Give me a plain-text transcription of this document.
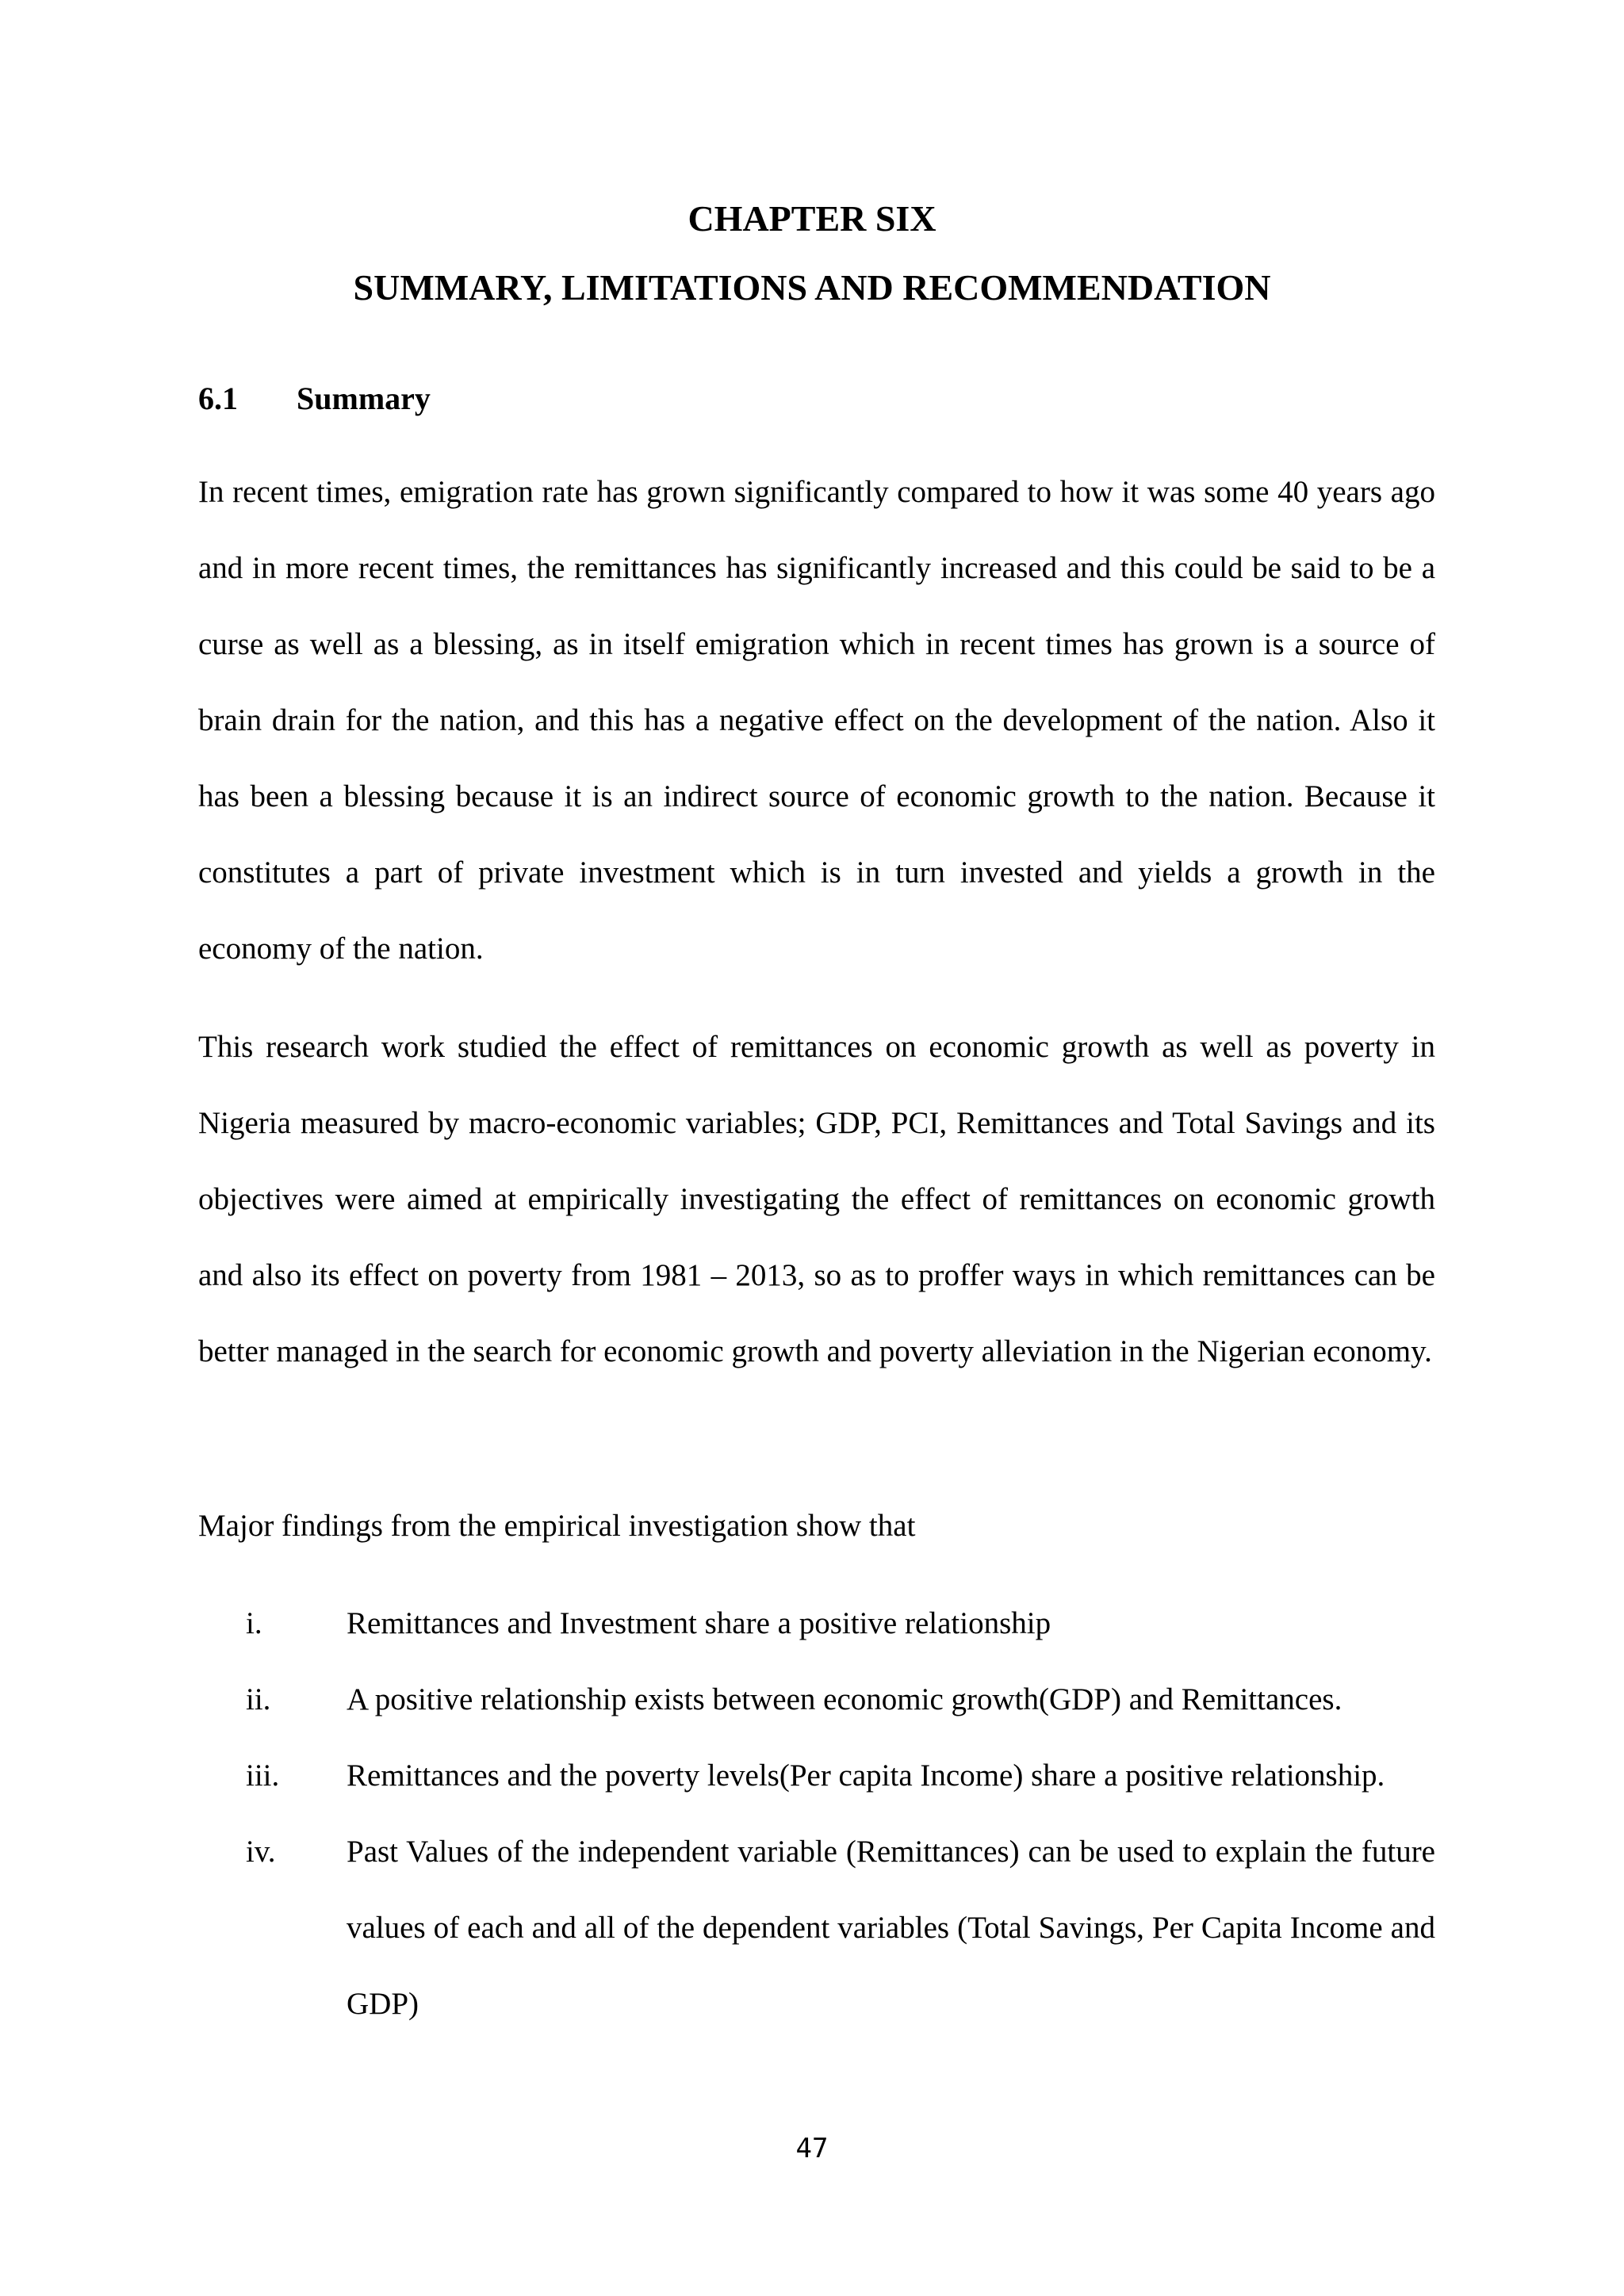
CHAPTER SIX
SUMMARY, LIMITATIONS AND RECOMMENDATION
6.1 Summary

In recent times, emigration rate has grown significantly compared to how it was some 40 years ago and in more recent times, the remittances has significantly increased and this could be said to be a curse as well as a blessing, as in itself emigration which in recent times has grown is a source of brain drain for the nation, and this has a negative effect on the development of the nation. Also it has been a blessing because it is an indirect source of economic growth to the nation. Because it constitutes a part of private investment which is in turn invested and yields a growth in the economy of the nation.

This research work studied the effect of remittances on economic growth as well as poverty in Nigeria measured by macro-economic variables; GDP, PCI, Remittances and Total Savings and its objectives were aimed at empirically investigating the effect of remittances on economic growth and also its effect on poverty from 1981 – 2013, so as to proffer ways in which remittances can be better managed in the search for economic growth and poverty alleviation in the Nigerian economy.

Major findings from the empirical investigation show that

i.	Remittances and Investment share a positive relationship
ii. A positive relationship exists between economic growth(GDP) and Remittances.
iii. Remittances and the poverty levels(Per capita Income) share a positive relationship.
iv. Past Values of the independent variable (Remittances) can be used to explain the future values of each and all of the dependent variables (Total Savings, Per Capita Income and GDP)
47
